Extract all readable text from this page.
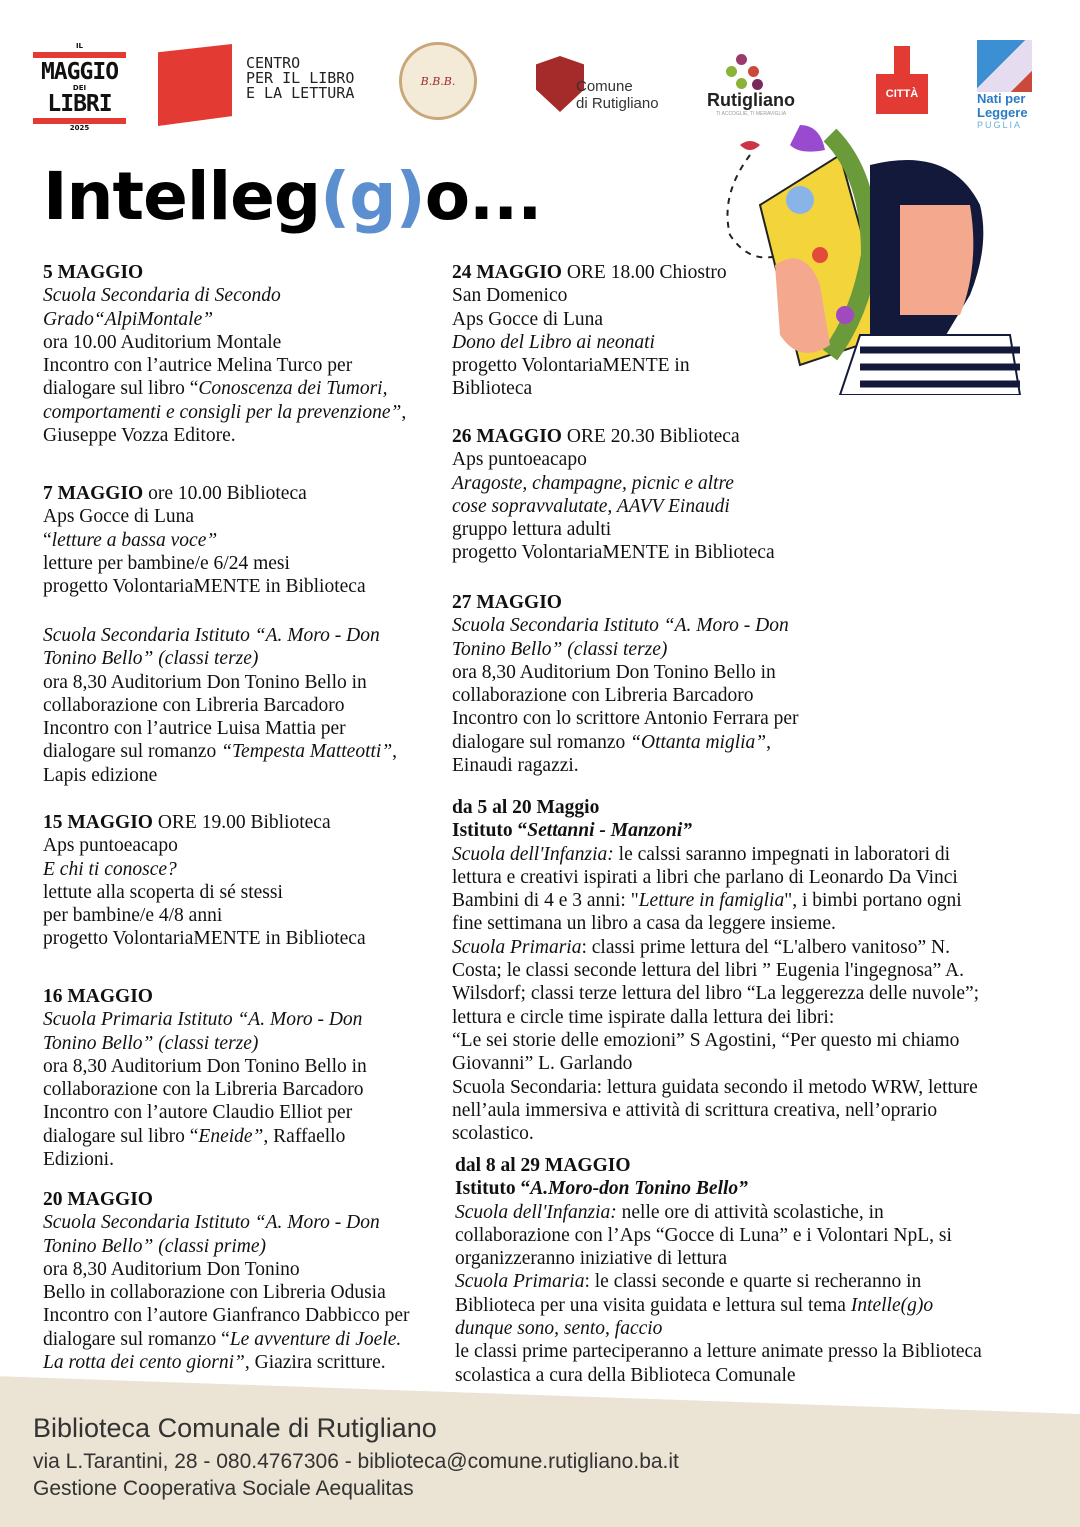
IL
MAGGIO
DEI
LIBRI
2025
CENTRO
PER IL LIBRO
E LA LETTURA
B.B.B.	Comune
di Rutigliano	Rutigliano
TI ACCOGLIE, TI MERAVIGLIA
CITTÀ	Nati per
Leggere
PUGLIA
Intelleg(g)o...
5 MAGGIO
Scuola Secondaria di Secondo
Grado“AlpiMontale”
ora 10.00 Auditorium Montale
Incontro con l’autrice Melina Turco per
dialogare sul libro “Conoscenza dei Tumori,
comportamenti e consigli per la prevenzione”,
Giuseppe Vozza Editore.
7 MAGGIO ore 10.00 Biblioteca
Aps Gocce di Luna
“letture a bassa voce”
letture per bambine/e 6/24 mesi
progetto VolontariaMENTE in Biblioteca
Scuola Secondaria Istituto “A. Moro - Don
Tonino Bello” (classi terze)
ora 8,30 Auditorium Don Tonino Bello in
collaborazione con Libreria Barcadoro
Incontro con l’autrice Luisa Mattia per
dialogare sul romanzo “Tempesta Matteotti”,
Lapis edizione
15 MAGGIO ORE 19.00 Biblioteca
Aps puntoeacapo
E chi ti conosce?
lettute alla scoperta di sé stessi
per bambine/e 4/8 anni
progetto VolontariaMENTE in Biblioteca
16 MAGGIO
Scuola Primaria Istituto “A. Moro - Don
Tonino Bello” (classi terze)
ora 8,30 Auditorium Don Tonino Bello in
collaborazione con la Libreria Barcadoro
Incontro con l’autore Claudio Elliot per
dialogare sul libro “Eneide”, Raffaello
Edizioni.
20 MAGGIO
Scuola Secondaria Istituto “A. Moro - Don
Tonino Bello” (classi prime)
ora 8,30 Auditorium Don Tonino
Bello in collaborazione con Libreria Odusia
Incontro con l’autore Gianfranco Dabbicco per
dialogare sul romanzo “Le avventure di Joele.
La rotta dei cento giorni”, Giazira scritture.
24 MAGGIO ORE 18.00 Chiostro
San Domenico
Aps Gocce di Luna
Dono del Libro ai neonati
progetto VolontariaMENTE in
Biblioteca
26 MAGGIO ORE 20.30 Biblioteca
Aps puntoeacapo
Aragoste, champagne, picnic e altre
cose sopravvalutate, AAVV Einaudi
gruppo lettura adulti
progetto VolontariaMENTE in Biblioteca
27 MAGGIO
Scuola Secondaria Istituto “A. Moro - Don
Tonino Bello” (classi terze)
ora 8,30 Auditorium Don Tonino Bello in
collaborazione con Libreria Barcadoro
Incontro con lo scrittore Antonio Ferrara per
dialogare sul romanzo “Ottanta miglia”,
Einaudi ragazzi.
da 5 al 20 Maggio
Istituto “Settanni - Manzoni”
Scuola dell'Infanzia: le calssi saranno impegnati in laboratori di
lettura e creativi ispirati a libri che parlano di Leonardo Da Vinci
Bambini di 4 e 3 anni: "Letture in famiglia", i bimbi portano ogni
fine settimana un libro a casa da leggere insieme.
Scuola Primaria: classi prime lettura del “L'albero vanitoso” N.
Costa; le classi seconde lettura del libri ” Eugenia l'ingegnosa” A.
Wilsdorf; classi terze lettura del libro “La leggerezza delle nuvole”;
lettura e circle time ispirate dalla lettura dei libri:
“Le sei storie delle emozioni” S Agostini, “Per questo mi chiamo
Giovanni” L. Garlando
Scuola Secondaria: lettura guidata secondo il metodo WRW, letture
nell’aula immersiva e attività di scrittura creativa, nell’oprario
scolastico.
dal 8 al 29 MAGGIO
Istituto “A.Moro-don Tonino Bello”
Scuola dell'Infanzia: nelle ore di attività scolastiche, in
collaborazione con l’Aps “Gocce di Luna” e i Volontari NpL, si
organizzeranno iniziative di lettura
Scuola Primaria: le classi seconde e quarte si recheranno in
Biblioteca per una visita guidata e lettura sul tema Intelle(g)o
dunque sono, sento, faccio
le classi prime parteciperanno a letture animate presso la Biblioteca
scolastica a cura della Biblioteca Comunale
Biblioteca Comunale di Rutigliano
via L.Tarantini, 28 - 080.4767306 - biblioteca@comune.rutigliano.ba.it
Gestione Cooperativa Sociale Aequalitas
